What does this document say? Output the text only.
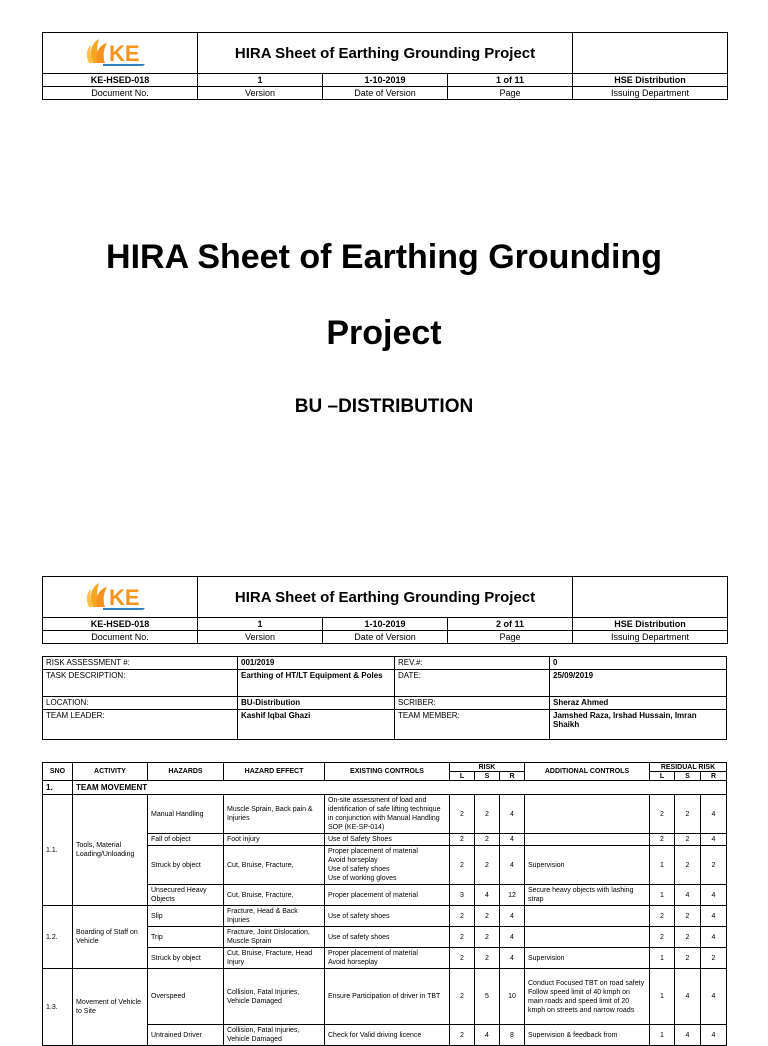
KE	HIRA Sheet of Earthing Grounding Project			
KE-HSED-018	1	1-10-2019	1 of 11	HSE Distribution
Document No.	Version	Date of Version	Page	Issuing Department
HIRA Sheet of Earthing Grounding
Project
BU –DISTRIBUTION
KE	HIRA Sheet of Earthing Grounding Project			
KE-HSED-018	1	1-10-2019	2 of 11	HSE Distribution
Document No.	Version	Date of Version	Page	Issuing Department
RISK ASSESSMENT #:	001/2019	REV.#:	0
TASK DESCRIPTION:	Earthing of HT/LT Equipment & Poles	DATE:	25/09/2019
LOCATION:	BU-Distribution	SCRIBER:	Sheraz Ahmed
TEAM LEADER:	Kashif Iqbal Ghazi	TEAM MEMBER:	Jamshed Raza, Irshad Hussain, Imran Shaikh
SNO	ACTIVITY	HAZARDS	HAZARD EFFECT	EXISTING CONTROLS	RISK			ADDITIONAL CONTROLS	RESIDUAL RISK		
					L	S	R		L	S	R
1.	TEAM MOVEMENT										
1.1.	Tools, Material Loading/Unloading	Manual Handling	Muscle Sprain, Back pain & Injuries	On-site assessment of load and identification of safe lifting technique in conjunction with Manual Handling SOP (KE-SP-014)	2	2	4		2	2	4
		Fall of object	Foot injury	Use of Safety Shoes	2	2	4		2	2	4
		Struck by object	Cut, Bruise, Fracture,	Proper placement of material
Avoid horseplay
Use of safety shoes
Use of working gloves	2	2	4	Supervision	1	2	2
		Unsecured Heavy Objects	Cut, Bruise, Fracture,	Proper placement of material	3	4	12	Secure heavy objects with lashing strap	1	4	4
1.2.	Boarding of Staff on Vehicle	Slip	Fracture, Head & Back Injuries	Use of safety shoes	2	2	4		2	2	4
		Trip	Fracture, Joint Dislocation, Muscle Sprain	Use of safety shoes	2	2	4		2	2	4
		Struck by object	Cut, Bruise, Fracture, Head Injury	Proper placement of material
Avoid horseplay	2	2	4	Supervision	1	2	2
1.3.	Movement of Vehicle to Site	Overspeed	Collision, Fatal Injuries, Vehicle Damaged	Ensure Participation of driver in TBT	2	5	10	Conduct Focused TBT on road safety
Follow speed limit of 40 kmph on main roads and speed limit of 20 kmph on streets and narrow roads	1	4	4
		Untrained Driver	Collision, Fatal Injuries, Vehicle Damaged	Check for Valid driving licence	2	4	8	Supervision & feedback from	1	4	4
